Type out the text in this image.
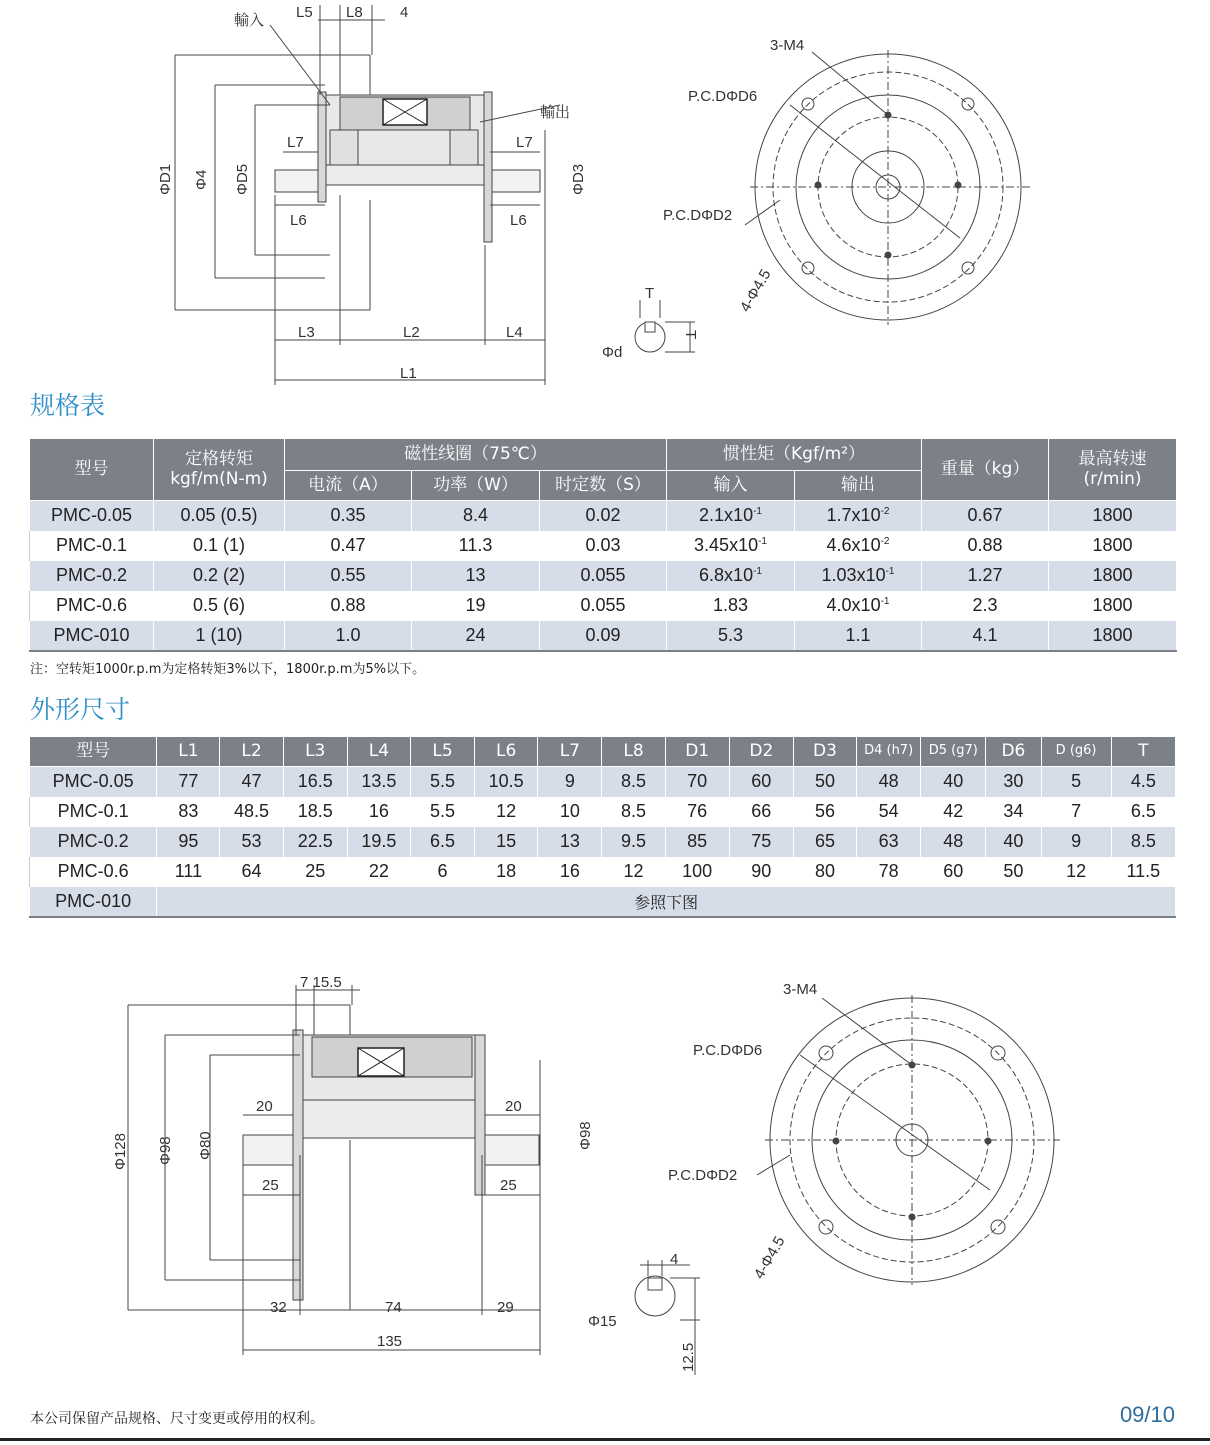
輸入 L5 L8 4
輸出
L7	L7
L6	L6
ΦD1 Φ4 ΦD5	ΦD3
L3	L2	L4
L1
3-M4
P.C.DΦD6
P.C.DΦD2
4-Φ4.5
T
T
Φd
规格表
型号	定格转矩
kgf/m(N-m)	磁性线圈（75℃）			惯性矩（Kgf/m²）		重量（kg）	最高转速
(r/min)
		电流（A）	功率（W）	时定数（S）	输入	输出		
PMC-0.05	0.05 (0.5)	0.35	8.4	0.02	$2.1x10^{-1}$	$1.7x10^{-2}$	0.67	1800
PMC-0.1	0.1 (1)	0.47	11.3	0.03	$3.45x10^{-1}$	$4.6x10^{-2}$	0.88	1800
PMC-0.2	0.2 (2)	0.55	13	0.055	$6.8x10^{-1}$	$1.03x10^{-1}$	1.27	1800
PMC-0.6	0.5 (6)	0.88	19	0.055	1.83	$4.0x10^{-1}$	2.3	1800
PMC-010	1 (10)	1.0	24	0.09	5.3	1.1	4.1	1800
注：空转矩1000r.p.m为定格转矩3%以下，1800r.p.m为5%以下。
外形尺寸
型号	L1	L2	L3	L4	L5	L6	L7	L8	D1	D2	D3	D4 (h7)	D5 (g7)	D6	D (g6)	T
PMC-0.05	77	47	16.5	13.5	5.5	10.5	9	8.5	70	60	50	48	40	30	5	4.5
PMC-0.1	83	48.5	18.5	16	5.5	12	10	8.5	76	66	56	54	42	34	7	6.5
PMC-0.2	95	53	22.5	19.5	6.5	15	13	9.5	85	75	65	63	48	40	9	8.5
PMC-0.6	111	64	25	22	6	18	16	12	100	90	80	78	60	50	12	11.5
PMC-010	参照下图															
7 15.5
Φ128 Φ98 Φ80	Φ98
20	20
25	25
32	74	29
135
3-M4
P.C.DΦD6
P.C.DΦD2
4-Φ4.5
4
Φ15
12.5
本公司保留产品规格、尺寸变更或停用的权利。	09/10
